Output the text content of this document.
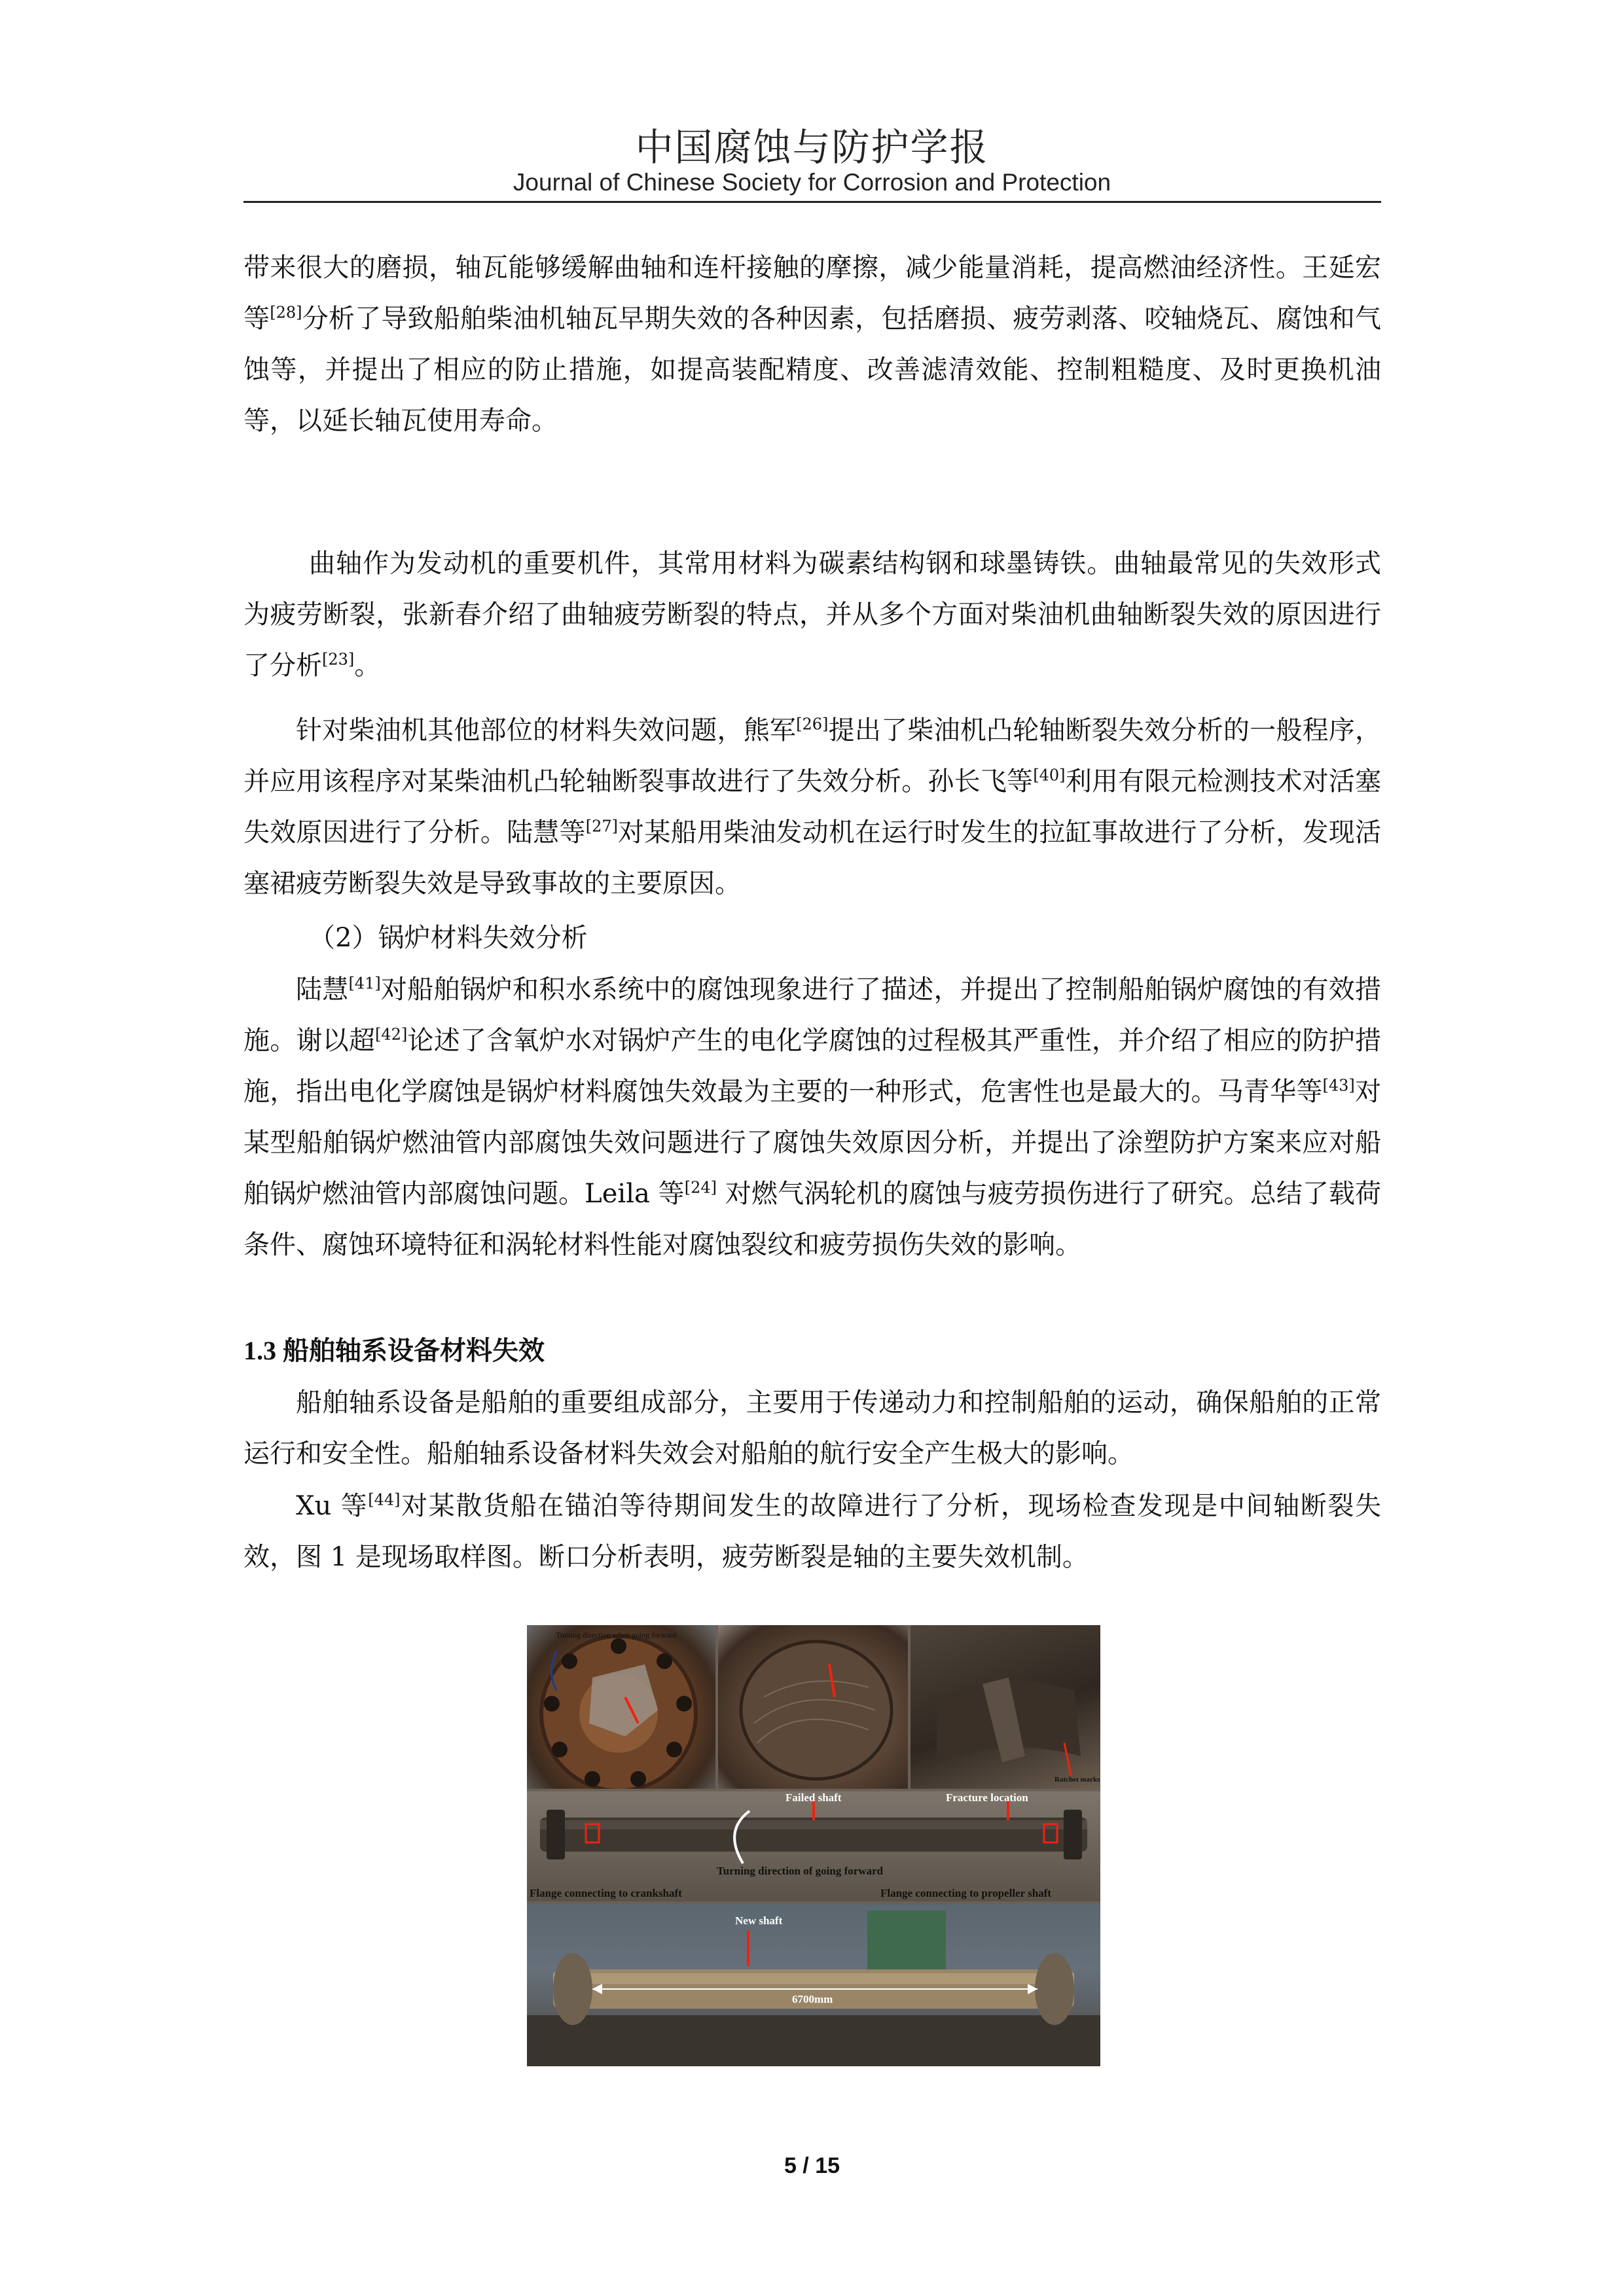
中国腐蚀与防护学报
Journal of Chinese Society for Corrosion and Protection

带来很大的磨损，轴瓦能够缓解曲轴和连杆接触的摩擦，减少能量消耗，提高燃油经济性。王延宏等[28]分析了导致船舶柴油机轴瓦早期失效的各种因素，包括磨损、疲劳剥落、咬轴烧瓦、腐蚀和气蚀等，并提出了相应的防止措施，如提高装配精度、改善滤清效能、控制粗糙度、及时更换机油等，以延长轴瓦使用寿命。

曲轴作为发动机的重要机件，其常用材料为碳素结构钢和球墨铸铁。曲轴最常见的失效形式为疲劳断裂，张新春介绍了曲轴疲劳断裂的特点，并从多个方面对柴油机曲轴断裂失效的原因进行了分析[23]。

针对柴油机其他部位的材料失效问题，熊军[26]提出了柴油机凸轮轴断裂失效分析的一般程序，并应用该程序对某柴油机凸轮轴断裂事故进行了失效分析。孙长飞等[40]利用有限元检测技术对活塞失效原因进行了分析。陆慧等[27]对某船用柴油发动机在运行时发生的拉缸事故进行了分析，发现活塞裙疲劳断裂失效是导致事故的主要原因。

（2）锅炉材料失效分析

陆慧[41]对船舶锅炉和积水系统中的腐蚀现象进行了描述，并提出了控制船舶锅炉腐蚀的有效措施。谢以超[42]论述了含氧炉水对锅炉产生的电化学腐蚀的过程极其严重性，并介绍了相应的防护措施，指出电化学腐蚀是锅炉材料腐蚀失效最为主要的一种形式，危害性也是最大的。马青华等[43]对某型船舶锅炉燃油管内部腐蚀失效问题进行了腐蚀失效原因分析，并提出了涂塑防护方案来应对船舶锅炉燃油管内部腐蚀问题。Leila 等[24] 对燃气涡轮机的腐蚀与疲劳损伤进行了研究。总结了载荷条件、腐蚀环境特征和涡轮材料性能对腐蚀裂纹和疲劳损伤失效的影响。

1.3 船舶轴系设备材料失效

船舶轴系设备是船舶的重要组成部分，主要用于传递动力和控制船舶的运动，确保船舶的正常运行和安全性。船舶轴系设备材料失效会对船舶的航行安全产生极大的影响。

Xu 等[44]对某散货船在锚泊等待期间发生的故障进行了分析，现场检查发现是中间轴断裂失效，图 1 是现场取样图。断口分析表明，疲劳断裂是轴的主要失效机制。

Turning direction when going forward
Ratchet marks
Failed shaft	Fracture location
Turning direction of going forward
Flange connecting to crankshaft	Flange connecting to propeller shaft
New shaft
6700mm
5 / 15
